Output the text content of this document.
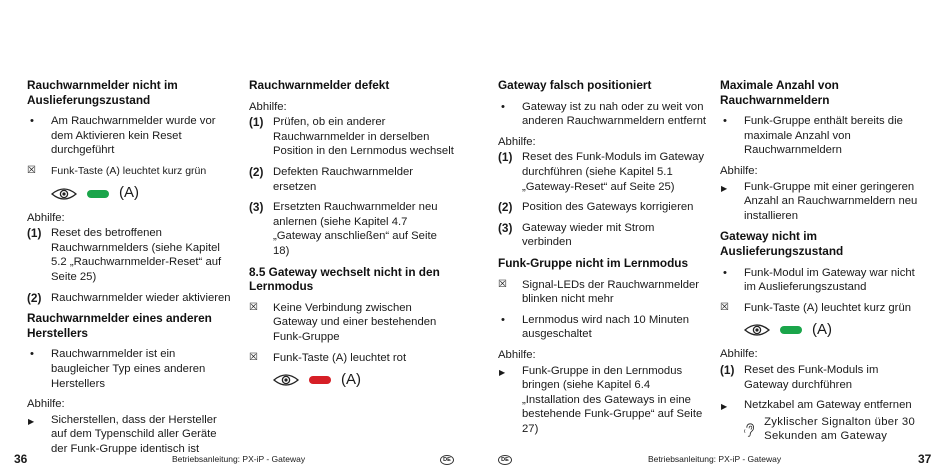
Rauchwarnmelder nicht im Auslieferungszustand
• Am Rauchwarnmelder wurde vor dem Aktivieren kein Reset durchgeführt
☒ Funk-Taste (A) leuchtet kurz grün
(A)
Abhilfe:
(1) Reset des betroffenen Rauchwarnmelders (siehe Kapitel 5.2 „Rauchwarnmelder-Reset“ auf Seite 25)
(2) Rauchwarnmelder wieder aktivieren
Rauchwarnmelder eines anderen Herstellers
• Rauchwarnmelder ist ein baugleicher Typ eines anderen Herstellers
Abhilfe:
▶ Sicherstellen, dass der Hersteller auf dem Typenschild aller Geräte der Funk-Gruppe identisch ist
Rauchwarnmelder defekt
Abhilfe:
(1) Prüfen, ob ein anderer Rauchwarnmelder in derselben Position in den Lernmodus wechselt
(2) Defekten Rauchwarnmelder ersetzen
(3) Ersetzten Rauchwarnmelder neu anlernen (siehe Kapitel 4.7 „Gateway anschließen“ auf Seite 18)
8.5 Gateway wechselt nicht in den Lernmodus
☒ Keine Verbindung zwischen Gateway und einer bestehenden Funk-Gruppe
☒ Funk-Taste (A) leuchtet rot
(A)
Gateway falsch positioniert
• Gateway ist zu nah oder zu weit von anderen Rauchwarnmeldern entfernt
Abhilfe:
(1) Reset des Funk-Moduls im Gateway durchführen (siehe Kapitel 5.1 „Gateway-Reset“ auf Seite 25)
(2) Position des Gateways korrigieren
(3) Gateway wieder mit Strom verbinden
Funk-Gruppe nicht im Lernmodus
☒ Signal-LEDs der Rauchwarnmelder blinken nicht mehr
• Lernmodus wird nach 10 Minuten ausgeschaltet
Abhilfe:
▶ Funk-Gruppe in den Lernmodus bringen (siehe Kapitel 6.4 „Installation des Gateways in eine bestehende Funk-Gruppe“ auf Seite 27)
Maximale Anzahl von Rauchwarnmeldern
• Funk-Gruppe enthält bereits die maximale Anzahl von Rauchwarnmeldern
Abhilfe:
▶ Funk-Gruppe mit einer geringeren Anzahl an Rauchwarnmeldern neu installieren
Gateway nicht im Auslieferungszustand
• Funk-Modul im Gateway war nicht im Auslieferungszustand
☒ Funk-Taste (A) leuchtet kurz grün
(A)
Abhilfe:
(1) Reset des Funk-Moduls im Gateway durchführen
▶ Netzkabel am Gateway entfernen
Zyklischer Signalton über 30 Sekunden am Gateway
36	Betriebsanleitung: PX-iP - Gateway	DE	DE	Betriebsanleitung: PX-iP - Gateway	37
